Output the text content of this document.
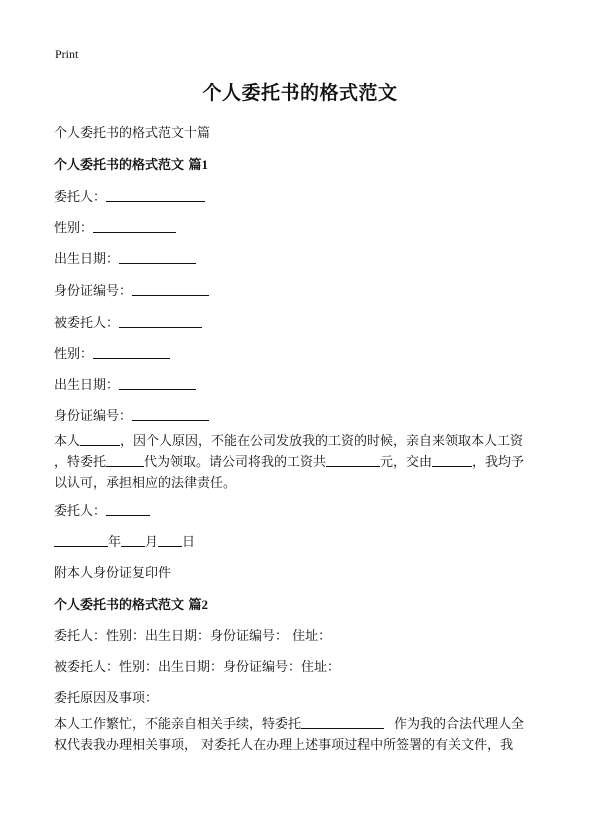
Print
个人委托书的格式范文
个人委托书的格式范文十篇
个人委托书的格式范文 篇1
委托人：
性别：
出生日期：
身份证编号：
被委托人：
性别：
出生日期：
身份证编号：
本人	，因个人原因，不能在公司发放我的工资的时候，亲自来领取本人工资
，特委托	代为领取。请公司将我的工资共	元，交由	，我均予
以认可，承担相应的法律责任。
委托人：
年 月 日
附本人身份证复印件
个人委托书的格式范文 篇2
委托人：性别：出生日期：身份证编号： 住址：
被委托人：性别：出生日期：身份证编号：住址：
委托原因及事项：
本人工作繁忙，不能亲自相关手续，特委托	作为我的合法代理人全
权代表我办理相关事项， 对委托人在办理上述事项过程中所签署的有关文件，我
